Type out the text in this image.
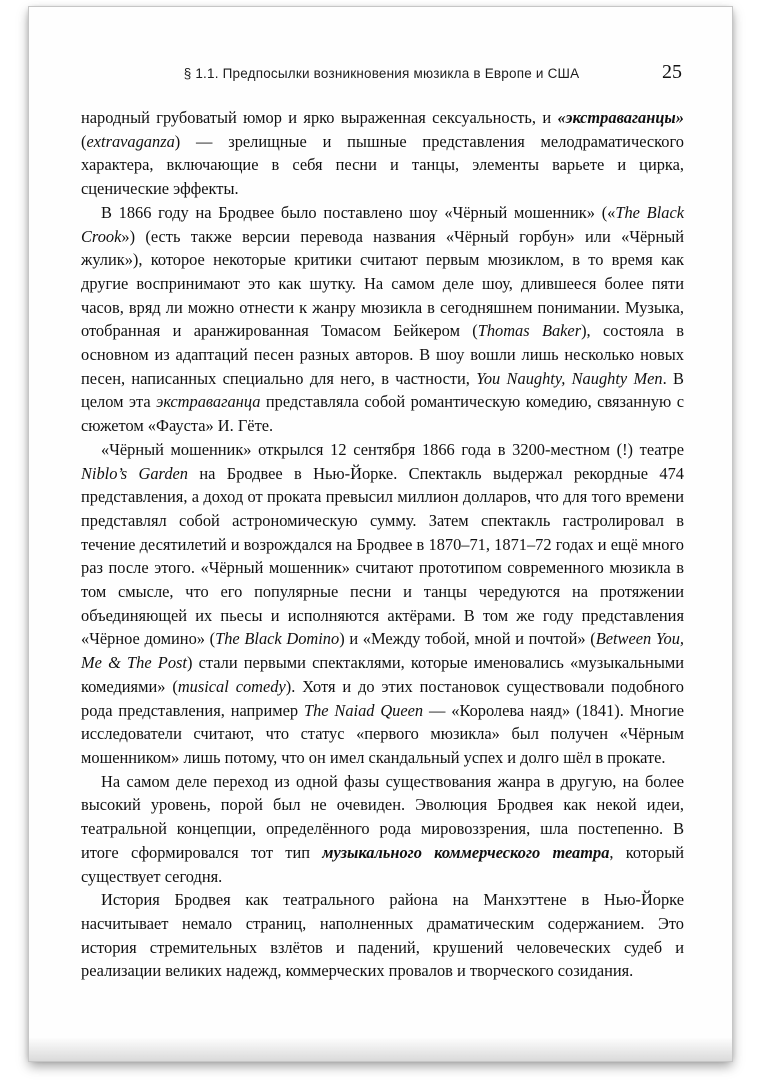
§ 1.1. Предпосылки возникновения мюзикла в Европе и США	25

народный грубоватый юмор и ярко выраженная сексуальность, и «экстраваганцы» (extravaganza) — зрелищные и пышные представления мелодраматического характера, включающие в себя песни и танцы, элементы варьете и цирка, сценические эффекты.

В 1866 году на Бродвее было поставлено шоу «Чёрный мошенник» («The Black Crook») (есть также версии перевода названия «Чёрный горбун» или «Чёрный жулик»), которое некоторые критики считают первым мюзиклом, в то время как другие воспринимают это как шутку. На самом деле шоу, длившееся более пяти часов, вряд ли можно отнести к жанру мюзикла в сегодняшнем понимании. Музыка, отобранная и аранжированная Томасом Бейкером (Thomas Baker), состояла в основном из адаптаций песен разных авторов. В шоу вошли лишь несколько новых песен, написанных специально для него, в частности, You Naughty, Naughty Men. В целом эта экстраваганца представляла собой романтическую комедию, связанную с сюжетом «Фауста» И. Гёте.

«Чёрный мошенник» открылся 12 сентября 1866 года в 3200-местном (!) театре Niblo’s Garden на Бродвее в Нью-Йорке. Спектакль выдержал рекордные 474 представления, а доход от проката превысил миллион долларов, что для того времени представлял собой астрономическую сумму. Затем спектакль гастролировал в течение десятилетий и возрождался на Бродвее в 1870–71, 1871–72 годах и ещё много раз после этого. «Чёрный мошенник» считают прототипом современного мюзикла в том смысле, что его популярные песни и танцы чередуются на протяжении объединяющей их пьесы и исполняются актёрами. В том же году представления «Чёрное домино» (The Black Domino) и «Между тобой, мной и почтой» (Between You, Me & The Post) стали первыми спектаклями, которые именовались «музыкальными комедиями» (musical comedy). Хотя и до этих постановок существовали подобного рода представления, например The Naiad Queen — «Королева наяд» (1841). Многие исследователи считают, что статус «первого мюзикла» был получен «Чёрным мошенником» лишь потому, что он имел скандальный успех и долго шёл в прокате.

На самом деле переход из одной фазы существования жанра в другую, на более высокий уровень, порой был не очевиден. Эволюция Бродвея как некой идеи, театральной концепции, определённого рода мировоззрения, шла постепенно. В итоге сформировался тот тип музыкального коммерческого театра, который существует сегодня.

История Бродвея как театрального района на Манхэттене в Нью-Йорке насчитывает немало страниц, наполненных драматическим содержанием. Это история стремительных взлётов и падений, крушений человеческих судеб и реализации великих надежд, коммерческих провалов и творческого созидания.
